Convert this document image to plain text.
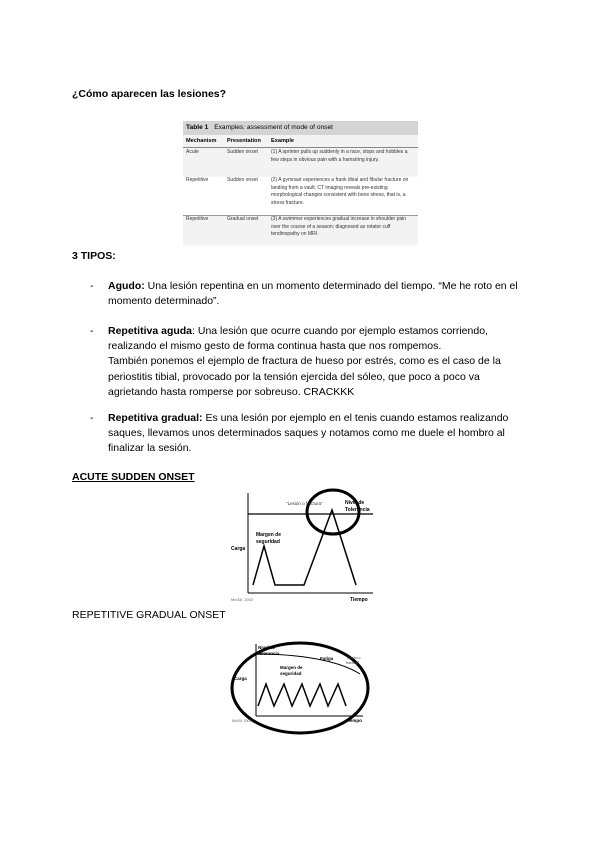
¿Cómo aparecen las lesiones?
Table 1 Examples: assessment of mode of onset
Mechanism Presentation Example
Acute	Sudden onset	(1) A sprinter pulls up suddenly in a race, stops and hobbles a few steps in obvious pain with a hamstring injury.
Repetitive	Sudden onset	(2) A gymnast experiences a frank tibial and fibular fracture on landing from a vault; CT imaging reveals pre-existing morphological changes consistent with bone stress, that is, a stress fracture.
Repetitive	Gradual onset	(3) A swimmer experiences gradual increase in shoulder pain over the course of a season; diagnosed as rotator cuff tendinopathy on MRI.
3 TIPOS:
- Agudo: Una lesión repentina en un momento determinado del tiempo. “Me he roto en el momento determinado”.
- Repetitiva aguda: Una lesión que ocurre cuando por ejemplo estamos corriendo, realizando el mismo gesto de forma continua hasta que nos rompemos.
También ponemos el ejemplo de fractura de hueso por estrés, como es el caso de la periostitis tibial, provocado por la tensión ejercida del sóleo, que poco a poco va agrietando hasta romperse por sobreuso. CRACKKK
- Repetitiva gradual: Es una lesión por ejemplo en el tenis cuando estamos realizando saques, llevamos unos determinados saques y notamos como me duele el hombro al finalizar la sesión.
ACUTE SUDDEN ONSET
"Lesión o fractura"	Nivel de
Tolerancia
Margen de
seguridad
Carga
Tiempo
McGill, 2002
REPETITIVE GRADUAL ONSET
Nivel de
tolerancia
Fatiga	"Lesión o
fractura"
Margen de
seguridad
Carga
Tiempo
McGill, 2002
